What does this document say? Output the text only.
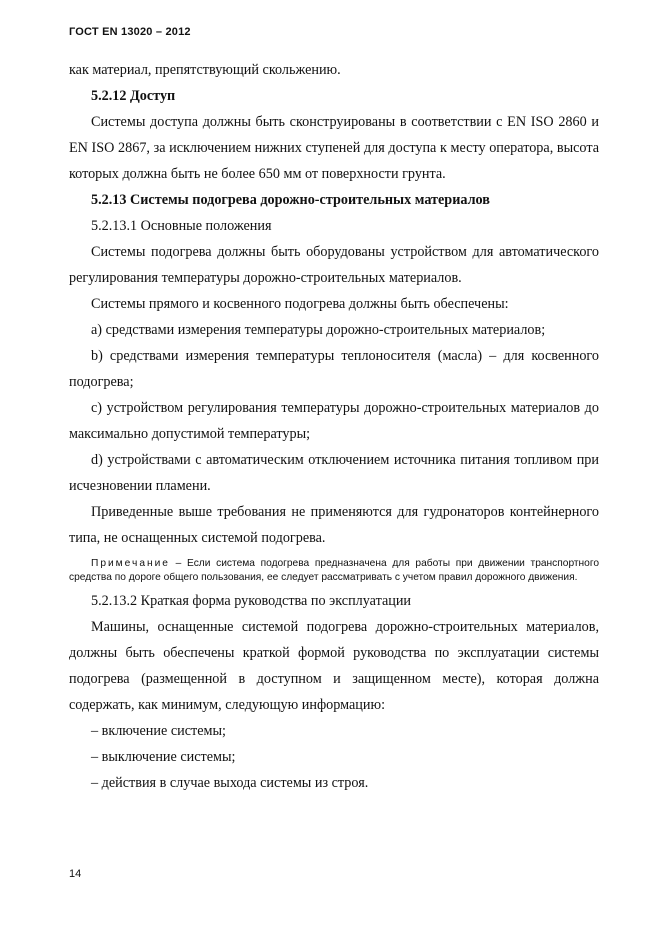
ГОСТ EN 13020 – 2012

как материал, препятствующий скольжению.

5.2.12 Доступ

Системы доступа должны быть сконструированы в соответствии с EN ISO 2860 и EN ISO 2867, за исключением нижних ступеней для доступа к месту оператора, высота которых должна быть не более 650 мм от поверхности грунта.

5.2.13 Системы подогрева дорожно-строительных материалов

5.2.13.1 Основные положения

Системы подогрева должны быть оборудованы устройством для автоматического регулирования температуры дорожно-строительных материалов.

Системы прямого и косвенного подогрева должны быть обеспечены:

а) средствами измерения температуры дорожно-строительных материалов;

b) средствами измерения температуры теплоносителя (масла) – для косвенного подогрева;

c) устройством регулирования температуры дорожно-строительных материалов до максимально допустимой температуры;

d) устройствами с автоматическим отключением источника питания топливом при исчезновении пламени.

Приведенные выше требования не применяются для гудронаторов контейнерного типа, не оснащенных системой подогрева.

Примечание – Если система подогрева предназначена для работы при движении транспортного средства по дороге общего пользования, ее следует рассматривать с учетом правил дорожного движения.

5.2.13.2 Краткая форма руководства по эксплуатации

Машины, оснащенные системой подогрева дорожно-строительных материалов, должны быть обеспечены краткой формой руководства по эксплуатации системы подогрева (размещенной в доступном и защищенном месте), которая должна содержать, как минимум, следующую информацию:

– включение системы;

– выключение системы;

– действия в случае выхода системы из строя.

14
